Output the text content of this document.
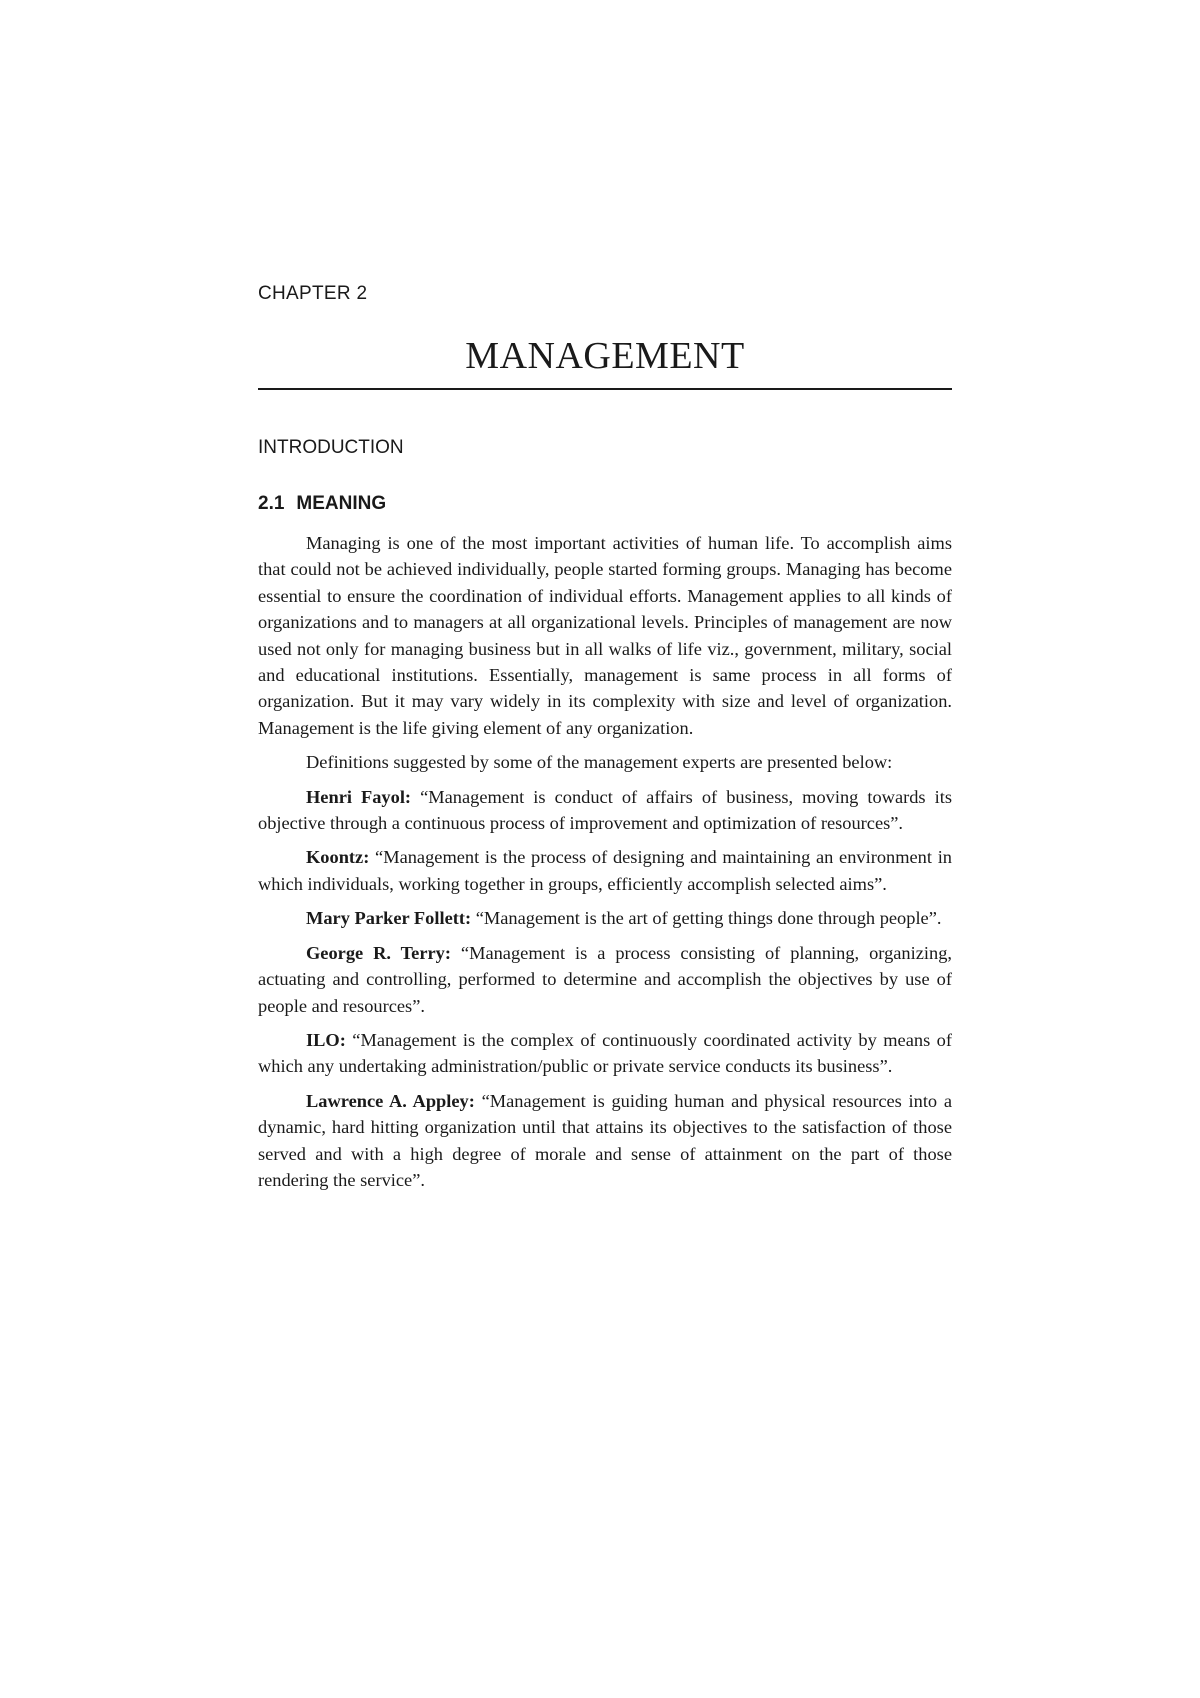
CHAPTER 2
MANAGEMENT
INTRODUCTION
2.1 MEANING

Managing is one of the most important activities of human life. To accomplish aims that could not be achieved individually, people started forming groups. Managing has become essential to ensure the coordination of individual efforts. Management applies to all kinds of organizations and to managers at all organizational levels. Principles of management are now used not only for managing business but in all walks of life viz., government, military, social and educational institutions. Essentially, management is same process in all forms of organization. But it may vary widely in its complexity with size and level of organization. Management is the life giving element of any organization.

Definitions suggested by some of the management experts are presented below:

Henri Fayol: “Management is conduct of affairs of business, moving towards its objective through a continuous process of improvement and optimization of resources”.

Koontz: “Management is the process of designing and maintaining an environment in which individuals, working together in groups, efficiently accomplish selected aims”.

Mary Parker Follett: “Management is the art of getting things done through people”.

George R. Terry: “Management is a process consisting of planning, organizing, actuating and controlling, performed to determine and accomplish the objectives by use of people and resources”.

ILO: “Management is the complex of continuously coordinated activity by means of which any undertaking administration/public or private service conducts its business”.

Lawrence A. Appley: “Management is guiding human and physical resources into a dynamic, hard hitting organization until that attains its objectives to the satisfaction of those served and with a high degree of morale and sense of attainment on the part of those rendering the service”.
